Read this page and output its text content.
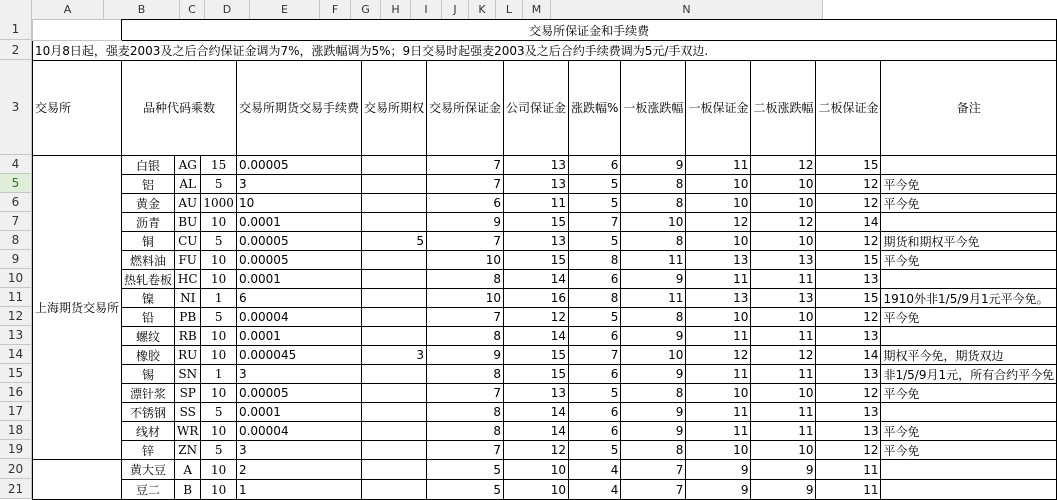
A	B	C	D	E	F	G	H	I	J	K	L	M	N
1
2
3
4
5
6
7
8
9
10
11
12
13
14
15
16
17
18
19
20
21
	交易所保证金和手续费												
10月8日起，强麦2003及之后合约保证金调为7%，涨跌幅调为5%；9日交易时起强麦2003及之后合约手续费调为5元/手双边.													
交易所	品种代码乘数			交易所期货交易手续费	交易所期权	交易所保证金	公司保证金	涨跌幅%	一板涨跌幅	一板保证金	二板涨跌幅	二板保证金	备注
上海期货交易所	白银	AG	15	0.00005		7	13	6	9	11	12	15	
	铝	AL	5	3		7	13	5	8	10	10	12	平今免
	黄金	AU	1000	10		6	11	5	8	10	10	12	平今免
	沥青	BU	10	0.0001		9	15	7	10	12	12	14	
	铜	CU	5	0.00005	5	7	13	5	8	10	10	12	期货和期权平今免
	燃料油	FU	10	0.00005		10	15	8	11	13	13	15	平今免
	热轧卷板	HC	10	0.0001		8	14	6	9	11	11	13	
	镍	NI	1	6		10	16	8	11	13	13	15	1910外非1/5/9月1元平今免。
	铅	PB	5	0.00004		7	12	5	8	10	10	12	平今免
	螺纹	RB	10	0.0001		8	14	6	9	11	11	13	
	橡胶	RU	10	0.000045	3	9	15	7	10	12	12	14	期权平今免，期货双边
	锡	SN	1	3		8	15	6	9	11	11	13	非1/5/9月1元，所有合约平今免
	漂针浆	SP	10	0.00005		7	13	5	8	10	10	12	平今免
	不锈钢	SS	5	0.0001		8	14	6	9	11	11	13	
	线材	WR	10	0.00004		8	14	6	9	11	11	13	平今免
	锌	ZN	5	3		7	12	5	8	10	10	12	平今免
	黄大豆	A	10	2		5	10	4	7	9	9	11	
	豆二	B	10	1		5	10	4	7	9	9	11	
